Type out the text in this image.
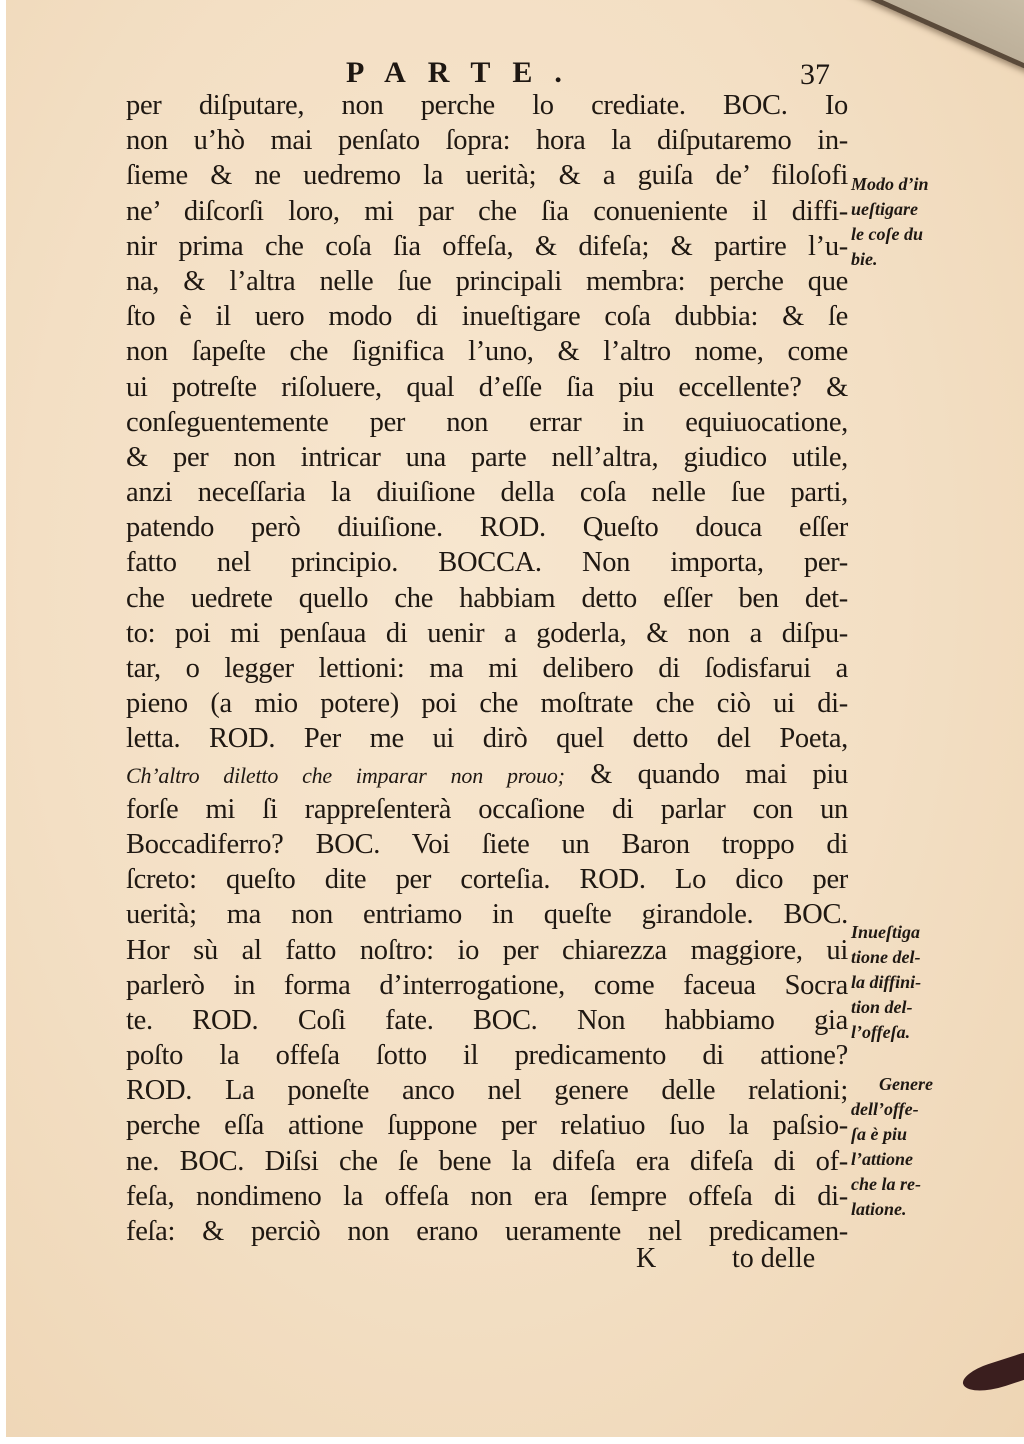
PARTE.	37
per diſputare, non perche lo crediate. BOC. Io
non u’hò mai penſato ſopra: hora la diſputaremo in-
ſieme & ne uedremo la uerità; & a guiſa de’ filoſofi
ne’ diſcorſi loro, mi par che ſia conueniente il diffi-
nir prima che coſa ſia offeſa, & difeſa; & partire l’u-
na, & l’altra nelle ſue principali membra: perche que
ſto è il uero modo di inueſtigare coſa dubbia: & ſe
non ſapeſte che ſignifica l’uno, & l’altro nome, come
ui potreſte riſoluere, qual d’eſſe ſia piu eccellente? &
conſeguentemente per non errar in equiuocatione,
& per non intricar una parte nell’altra, giudico utile,
anzi neceſſaria la diuiſione della coſa nelle ſue parti,
patendo però diuiſione. ROD. Queſto douca eſſer
fatto nel principio. BOCCA. Non importa, per-
che uedrete quello che habbiam detto eſſer ben det-
to: poi mi penſaua di uenir a goderla, & non a diſpu-
tar, o legger lettioni: ma mi delibero di ſodisfarui a
pieno (a mio potere) poi che moſtrate che ciò ui di-
letta. ROD. Per me ui dirò quel detto del Poeta,
Ch’altro diletto che imparar non prouo; & quando mai piu
forſe mi ſi rappreſenterà occaſione di parlar con un
Boccadiferro? BOC. Voi ſiete un Baron troppo di
ſcreto: queſto dite per corteſia. ROD. Lo dico per
uerità; ma non entriamo in queſte girandole. BOC.
Hor sù al fatto noſtro: io per chiarezza maggiore, ui
parlerò in forma d’interrogatione, come faceua Socra
te. ROD. Coſi fate. BOC. Non habbiamo gia
poſto la offeſa ſotto il predicamento di attione?
ROD. La poneſte anco nel genere delle relationi;
perche eſſa attione ſuppone per relatiuo ſuo la paſsio-
ne. BOC. Diſsi che ſe bene la difeſa era difeſa di of-
feſa, nondimeno la offeſa non era ſempre offeſa di di-
feſa: & perciò non erano ueramente nel predicamen-
K	to delle
Modo d’in
ueſtigare
le coſe du
bie.
Inueſtiga
tione del-
la diffini-
tion del-
l’offeſa.
Genere
dell’offe-
ſa è piu
l’attione
che la re-
latione.
